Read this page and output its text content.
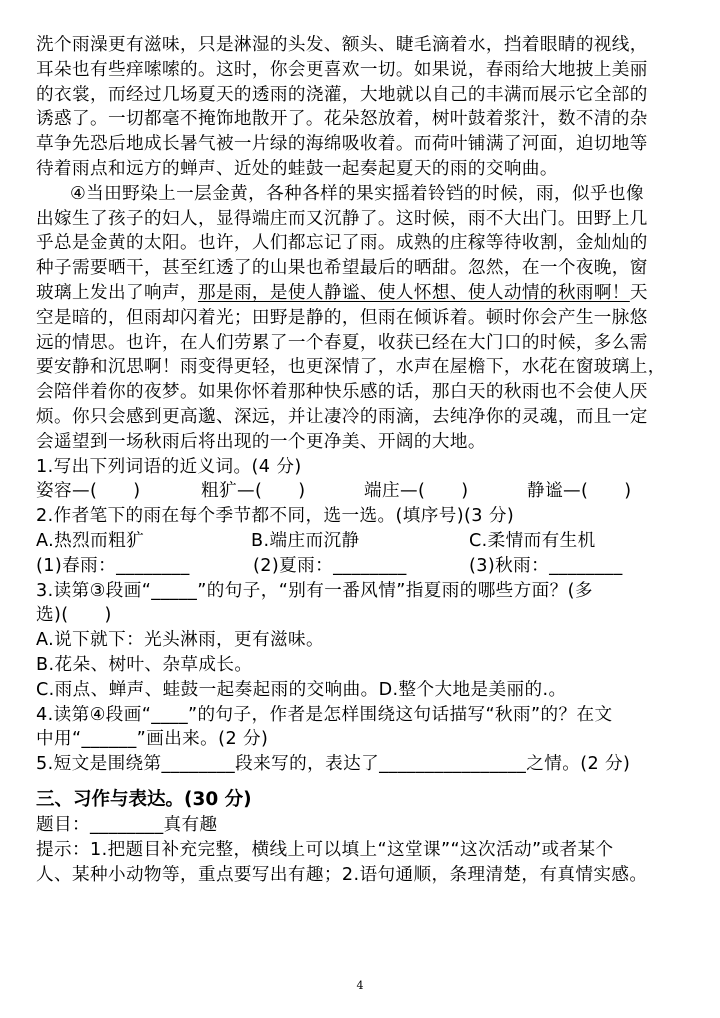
洗个雨澡更有滋味，只是淋湿的头发、额头、睫毛滴着水，挡着眼睛的视线，
耳朵也有些痒嗦嗦的。这时，你会更喜欢一切。如果说，春雨给大地披上美丽
的衣裳，而经过几场夏天的透雨的浇灌，大地就以自己的丰满而展示它全部的
诱惑了。一切都毫不掩饰地散开了。花朵怒放着，树叶鼓着浆汁，数不清的杂
草争先恐后地成长暑气被一片绿的海绵吸收着。而荷叶铺满了河面，迫切地等
待着雨点和远方的蝉声、近处的蛙鼓一起奏起夏天的雨的交响曲。
④当田野染上一层金黄，各种各样的果实摇着铃铛的时候，雨，似乎也像
出嫁生了孩子的妇人，显得端庄而又沉静了。这时候，雨不大出门。田野上几
乎总是金黄的太阳。也许，人们都忘记了雨。成熟的庄稼等待收割，金灿灿的
种子需要晒干，甚至红透了的山果也希望最后的晒甜。忽然，在一个夜晚，窗
玻璃上发出了响声，那是雨，是使人静谧、使人怀想、使人动情的秋雨啊！天
空是暗的，但雨却闪着光；田野是静的，但雨在倾诉着。顿时你会产生一脉悠
远的情思。也许，在人们劳累了一个春夏，收获已经在大门口的时候，多么需
要安静和沉思啊！雨变得更轻，也更深情了，水声在屋檐下，水花在窗玻璃上，
会陪伴着你的夜梦。如果你怀着那种快乐感的话，那白天的秋雨也不会使人厌
烦。你只会感到更高邈、深远，并让凄冷的雨滴，去纯净你的灵魂，而且一定
会遥望到一场秋雨后将出现的一个更净美、开阔的大地。
1.写出下列词语的近义词。(4 分)
姿容—(　　)	粗犷—(　　)	端庄—(　　)	静谧—(　　)
2.作者笔下的雨在每个季节都不同，选一选。(填序号)(3 分)
A.热烈而粗犷	B.端庄而沉静	C.柔情而有生机
(1)春雨：________	(2)夏雨：________	(3)秋雨：________
3.读第③段画“_____”的句子，“别有一番风情”指夏雨的哪些方面？(多
选)(　　)
A.说下就下：光头淋雨，更有滋味。
B.花朵、树叶、杂草成长。
C.雨点、蝉声、蛙鼓一起奏起雨的交响曲。D.整个大地是美丽的.。
4.读第④段画“____”的句子，作者是怎样围绕这句话描写“秋雨”的？在文
中用“______”画出来。(2 分)
5.短文是围绕第________段来写的，表达了________________之情。(2 分)
三、习作与表达。(30 分)
题目：________真有趣
提示：1.把题目补充完整，横线上可以填上“这堂课”“这次活动”或者某个
人、某种小动物等，重点要写出有趣；2.语句通顺，条理清楚，有真情实感。
4
